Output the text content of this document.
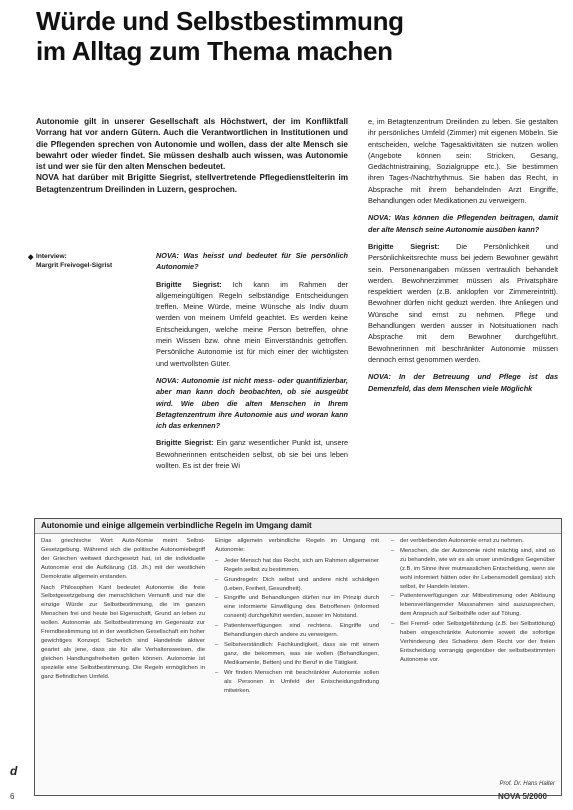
Würde und Selbstbestimmung
im Alltag zum Thema machen

Autonomie gilt in unserer Gesellschaft als Höchstwert, der im Konfliktfall Vorrang hat vor andern Gütern. Auch die Verantwortlichen in Institutionen und die Pflegenden sprechen von Autonomie und wollen, dass der alte Mensch sie bewahrt oder wieder findet. Sie müssen deshalb auch wissen, was Autonomie ist und wer sie für den alten Menschen bedeutet.

NOVA hat darüber mit Brigitte Siegrist, stellvertretende Pflegedienstleiterin im Betagtenzentrum Dreilinden in Luzern, gesprochen.

◆ Interview:
Margrit Freivogel-Sigrist

NOVA: Was heisst und bedeutet für Sie persönlich Autonomie?

Brigitte Siegrist: Ich kann im Rahmen der allgemeingültigen Regeln selbständige Entscheidungen treffen. Meine Würde, meine Wünsche als Indiv duum werden von meinem Umfeld geachtet. Es werden keine Entscheidungen, welche meine Person betreffen, ohne mein Wissen bzw. ohne mein Einverständnis getroffen. Persönliche Autonomie ist für mich einer der wichtigsten und wertvollsten Güter.

NOVA: Autonomie ist nicht mess- oder quantifizierbar, aber man kann doch beobachten, ob sie ausgeübt wird. Wie üben die alten Menschen in Ihrem Betagtenzentrum ihre Autonomie aus und woran kann ich das erkennen?

Brigitte Siegrist: Ein ganz wesentlicher Punkt ist, unsere Bewohnerinnen entscheiden selbst, ob sie bei uns leben wollten. Es ist der freie Wi

e, im Betagtenzentrum Dreilinden zu leben. Sie gestalten ihr persönliches Umfeld (Zimmer) mit eigenen Möbeln. Sie entscheiden, welche Tagesaktivitäten sie nutzen wollen (Angebote können sein: Stricken, Gesang, Gedächtnistraining, Sozialgruppe etc.). Sie bestimmen ihren Tages-/Nachtrhythmus. Sie haben das Recht, in Absprache mit ihrem behandelnden Arzt Eingriffe, Behandlungen oder Medikationen zu verweigern.

NOVA: Was können die Pflegenden beitragen, damit der alte Mensch seine Autonomie ausüben kann?

Brigitte Siegrist: Die Persönlichkeit und Persönlichkeitsrechte muss bei jedem Bewohner gewährt sein. Personenangaben müssen vertraulich behandelt werden. Bewohnerzimmer müssen als Privatsphäre respektiert werden (z.B. anklopfen vor Zimmereintritt). Bewohner dürfen nicht geduzt werden. Ihre Anliegen und Wünsche sind ernst zu nehmen. Pflege und Behandlungen werden ausser in Notsituationen nach Absprache mit dem Bewohner durchgeführt. Bewohnerinnen mit beschränkter Autonomie müssen dennoch ernst genommen werden.

NOVA: In der Betreuung und Pflege ist das Demenzfeld, das dem Menschen viele Möglichk

Autonomie und einige allgemein verbindliche Regeln im Umgang damit

Das griechische Wort Auto-Nomie meint Selbst-Gesetzgebung. Während sich die politische Autonomiebegriff der Griechen weitweit durchgesetzt hat, ist die individuelle Autonomie erst die Aufklärung (18. Jh.) mit der westlichen Demokratie allgemein erstanden.

Nach Philosophen Kant bedeutet Autonomie die freie Selbstgesetzgebung der menschlichen Vernunft und nur die einzige Würde zur Selbstbestimmung, die im ganzen Menschen frei und heute bei Eigenschaft, Grund an leben zu wollen. Autonomie als Selbstbestimmung im Gegensatz zur Fremdbestimmung ist in der westlichen Gesellschaft ein hoher gewichtiges Konzept. Sicherlich sind Handelnde aktiver geartet als jene, dass sie für alle Verhaltensweisen, die gleichen Handlungsfreiheiten gelten können. Autonomie ist spezielle eine Selbstbestimmung. Die Regeln ermöglichen in ganz Befindlichen Umfeld.

Einige allgemein verbindliche Regeln im Umgang mit Autonomie:

– Jeder Mensch hat das Recht, sich am Rahmen allgemeiner Regeln selbst zu bestimmen.
– Grundregeln: Dich selbst und andere nicht schädigen (Leben, Freiheit, Gesundheit).
– Eingriffe und Behandlungen dürfen nur im Prinzip durch eine informierte Einwilligung des Betroffenen (informed consent) durchgeführt werden, ausser im Notstand.
– Patientenverfügungen sind rechtens. Eingriffe und Behandlungen durch andere zu verweigern.
– Selbstverständlich: Fachkundigkeit, dass sie mit einem ganz, die bekommen, was sie wollen (Behandlungen, Medikamente, Betten) und ihr Beruf in die Tätigkeit.
– Wir finden Menschen mit beschränkter Autonomie sollen als Personen in Umfeld der Entscheidungsfindung mitwirken.
– der verbleibenden Autonomie ernst zu nehmen.
– Menschen, die der Autonomie nicht mächtig sind, sind so zu behandeln, wie wir es als unser unmündiges Gegenüber (z.B. im Sinne ihrer mutmasslichen Entscheidung, wenn sie wohl informiert hätten oder ihr Lebensmodell gemäss) sich selbst, ihr Handeln leisten.
– Patientenverfügungen zur Mitbestimmung oder Ablösung lebensverlängernder Massnahmen sind auszusprechen, dem Anspruch auf Selbsthilfe oder auf Tötung.
– Bei Fremd- oder Selbstgefährdung (z.B. bei Selbsttötung) haben eingeschränkte Autonomie soweit die sofortige Verhinderung des Schadens dem Recht vor der freien Entscheidung vorrangig gegenüber der selbstbestimmten Autonomie vor.
Prof. Dr. Hans Halter
d
6	NOVA 5/2000
